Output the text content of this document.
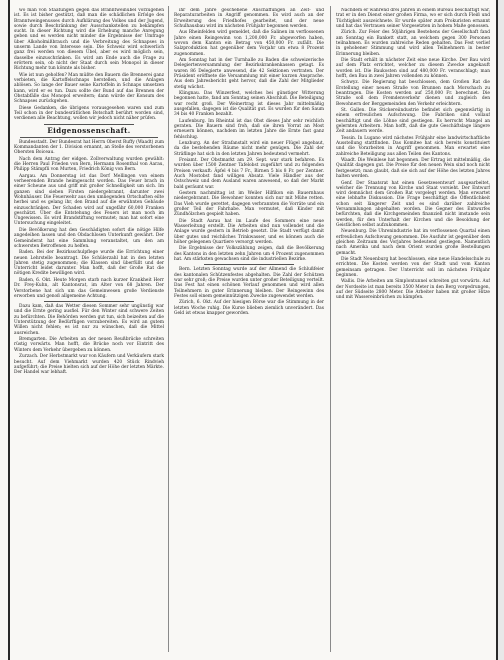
wo man von Staatungen gegen das Branntweinübel vorzugehen ist. Es ist bisher gestützt, daß man die schädlichen Erfolge des Branntweingenusses durch Aufklärung des Volkes und der Jugend, sowie durch Beschränkung der Ausschankstellen zu bekämpfen sucht. In dieser Richtung wird die Erhebung manche Anregung geben und es werden nicht minder die Ergebnisse der Umfrage über Alkoholmißbrauch und die Verbreitung des Schnapses in unserm Lande von Interesse sein. Die Schweiz wird schwerlich ganz frei werden von diesem Übel, aber es wird möglich sein, dasselbe einzuschränken. Es wird am Ende auch die Frage zu erörtern sein, ob nicht der Staat durch sein Monopol in dieser Richtung mehr tun könnte als bisher.

Wie ist nun geholfen? Man müßte den Bauern die Brennerei ganz verbieten, die Kartoffelschnaps herstellen, und die Anlagen ablösen. So lange der Bauer seine Kartoffeln in Schnaps umsetzen kann, wird er es tun. Dazu sollte der Bund auf das Brennen der Obstabfälle das Monopol erweitern; dann würde der Konsum des Schnapses zurückgehen.

Diese Gedanken, die übrigens vorausgesehen waren und zum Teil schon in der bundesrätlichen Botschaft berührt worden sind, verdienen alle Beachtung, wollen wir jedoch nicht näher prüfen.

Eidgenossenschaft.

Bundesstadt. Der Bundesrat hat Herrn Oberst Ruffy (Waadt) zum Kommandanten der 1. Division ernannt, an Stelle des verstorbenen Obersten Boiceau.

Nach dem Antrag der eidgen. Zollverwaltung wurden gewählt: die Herren Paul Frieden von Bern, Hermann Rosenthal von Aarau, Philipp Stämpfli von Murten, Friedrich König von Bern.

Aargau. Am Donnerstag ist das Dorf Mellingen von einem verheerenden Brande heimgesucht worden. Das Feuer brach in einer Scheune aus und griff mit großer Schnelligkeit um sich. Im ganzen sind sieben Firsten niedergebrannt, darunter zwei Wohnhäuser. Die Feuerwehr aus den umliegenden Ortschaften eilte herbei und es gelang ihr, den Brand auf die erwähnten Gebäude einzuschränken. Der Schaden wird auf ungefähr 60,000 Franken geschätzt. Über die Entstehung des Feuers ist man noch im Ungewissen. Es wird Brandstiftung vermutet; man hat sofort eine Untersuchung eingeleitet.

Die Bevölkerung hat den Geschädigten sofort die nötige Hilfe angedeihen lassen und den Obdachlosen Unterkunft gewährt. Der Gemeinderat hat eine Sammlung veranstaltet, um den am schwersten Betroffenen zu helfen.

Baden. Bei der Bezirksschulpflege wurde die Errichtung einer neuen Lehrstelle beantragt. Die Schülerzahl hat in den letzten Jahren stetig zugenommen; die Klassen sind überfüllt und der Unterricht leidet darunter. Man hofft, daß der Große Rat die nötigen Kredite bewilligen wird.

Baden, 6. Okt. Heute Morgen starb nach kurzer Krankheit Herr Dr. Frey-Kuhn, alt Kantonsrat, im Alter von 68 Jahren. Der Verstorbene hat sich um das Gemeinwesen große Verdienste erworben und genoß allgemeine Achtung.

Dazu kam, daß das Wetter diesen Sommer sehr ungünstig war und die Ernte gering ausfiel. Für den Winter sind schwere Zeiten zu befürchten. Die Behörden werden gut tun, sich beizeiten auf die Unterstützung der Bedürftigen vorzubereiten. Es wird an gutem Willen nicht fehlen; es ist nur zu wünschen, daß die Mittel ausreichen.

Bremgarten. Die Arbeiten an der neuen Reußbrücke schreiten rüstig vorwärts. Man hofft, die Brücke noch vor Eintritt des Winters dem Verkehr übergeben zu können.

Zurzach. Der Herbstmarkt war von Käufern und Verkäufern stark besucht. Auf dem Viehmarkt wurden 420 Stück Rindvieh aufgeführt; die Preise hielten sich auf der Höhe der letzten Märkte. Der Handel war lebhaft.

ihr dem Jahre geschehene Anschaffungen an Zeit- und Reparaturarbeiten in Angriff genommen. Es wird auch an der Erweiterung des Friedhofes gearbeitet, und der neue Schulhausbau wird im nächsten Frühjahr begonnen werden.

Aus Rheinfelden wird gemeldet, daß die Salinen im verflossenen Jahre einen Reingewinn von 1,200,000 Fr. abgeworfen haben, wovon dem Kanton ein Betrag von 450,000 Fr. zufällt. Die Salzproduktion hat gegenüber dem Vorjahr um etwa 8 Prozent zugenommen.

Am Sonntag hat in der Turnhalle zu Baden die schweizerische Delegiertenversammlung der Bezirkskrankenkassen getagt. Es waren 86 Delegierte anwesend, die 42 Sektionen vertraten. Der Präsident eröffnete die Versammlung mit einer kurzen Ansprache. Aus dem Jahresbericht geht hervor, daß die Zahl der Mitglieder stetig wächst.

Klingnau. Das Winzerfest, welches bei günstiger Witterung begonnen hatte, fand am Sonntag seinen Abschluß. Die Beteiligung war recht groß. Der Weinertrag ist dieses Jahr mittelmäßig ausgefallen, dagegen ist die Qualität gut. Es wurden für den Saum 34 bis 40 Franken bezahlt.

Laufenburg. Im Rheintal ist das Obst dieses Jahr sehr reichlich geraten. Die Bauern sind froh, daß sie ihren Vorrat an Most erneuern können, nachdem im letzten Jahre die Ernte fast ganz fehlschlug.

Lenzburg. An der Strafanstalt wird ein neuer Flügel angebaut, da die bestehenden Räume nicht mehr genügen. Die Zahl der Sträflinge hat sich in den letzten Jahren bedeutend vermehrt.

Freiamt. Der Obstmarkt am 29. Sept. war stark befahren. Es wurden über 1500 Zentner Tafelobst zugeführt und zu folgenden Preisen verkauft: Äpfel 4 bis 7 Fr., Birnen 5 bis 8 Fr. per Zentner. Auch Mostobst fand willigen Absatz. Viele Händler aus der Ostschweiz und dem Ausland waren anwesend, so daß der Markt bald geräumt war.

Gestern nachmittag ist im Weiler Hilfikon ein Bauernhaus niedergebrannt. Die Bewohner konnten sich nur mit Mühe retten. Das Vieh wurde gerettet, dagegen verbrannten die Vorräte und ein großer Teil der Fahrhabe. Man vermutet, daß Kinder mit Zündhölzchen gespielt haben.

Die Stadt Aarau hat im Laufe des Sommers eine neue Wasserleitung erstellt. Die Arbeiten sind nun vollendet und die Anlage wurde gestern in Betrieb gesetzt. Die Stadt verfügt damit über gutes und reichliches Trinkwasser, und es können auch die höher gelegenen Quartiere versorgt werden.

Die Ergebnisse der Volkszählung zeigen, daß die Bevölkerung des Kantons in den letzten zehn Jahren um 4 Prozent zugenommen hat. Am stärksten gewachsen sind die industriellen Bezirke.

Bern. Letzten Sonntag wurde auf der Allmend die Schlußfeier des kantonalen Schützenfestes abgehalten. Die Zahl der Schützen war sehr groß; die Preise wurden unter großer Beteiligung verteilt. Das Fest hat einen schönen Verlauf genommen und wird allen Teilnehmern in guter Erinnerung bleiben. Der Reingewinn des Festes soll einem gemeinnützigen Zwecke zugewendet werden.

Zürich, 6. Okt. Auf der hiesigen Börse war die Stimmung in der letzten Woche ruhig. Die Kurse blieben ziemlich unverändert. Das Geld ist etwas knapper geworden.

Nachdem er während drei Jahren in einem Bureau beschäftigt war, trat er in den Dienst einer großen Firma, wo er sich durch Fleiß und Tüchtigkeit auszeichnete. Er wurde später zum Prokuristen ernannt und hat das Vertrauen seiner Vorgesetzten in hohem Maße genossen.

Zürich. Zur Feier des 50jährigen Bestehens der Gesellschaft fand am Sonntag ein Bankett statt, an welchem gegen 300 Personen teilnahmen. Es wurden zahlreiche Reden gehalten. Das Fest verlief in gehobener Stimmung und wird allen Teilnehmern in bester Erinnerung bleiben.

Die Stadt erhält in nächster Zeit eine neue Kirche. Der Bau wird auf dem Platz errichtet, welcher zu diesem Zwecke angekauft worden ist. Die Baukosten sind auf 480,000 Fr. veranschlagt; man hofft, den Bau in zwei Jahren vollenden zu können.

Schwyz. Die Regierung hat beschlossen, dem Großen Rat die Erstellung einer neuen Straße von Brunnen nach Morschach zu beantragen. Die Kosten werden auf 250,000 Fr. berechnet. Die Straße soll dem Fremdenverkehr dienen und zugleich den Bewohnern der Berggemeinden den Verkehr erleichtern.

St. Gallen. Die Stickereiindustrie befindet sich gegenwärtig in einem erfreulichen Aufschwung. Die Fabriken sind vollauf beschäftigt und die Löhne sind gestiegen. Es herrscht Mangel an gelernten Arbeitern. Man hofft, daß die gute Geschäftslage längere Zeit andauern werde.

Tessin. In Lugano wird nächstes Frühjahr eine landwirtschaftliche Ausstellung stattfinden. Das Komitee hat sich bereits konstituiert und die Vorarbeiten in Angriff genommen. Man erwartet eine zahlreiche Beteiligung aus allen Teilen des Kantons.

Waadt. Die Weinlese hat begonnen. Der Ertrag ist mittelmäßig, die Qualität dagegen gut. Die Preise für den neuen Wein sind noch nicht festgesetzt; man glaubt, daß sie sich auf der Höhe des letzten Jahres halten werden.

Genf. Der Staatsrat hat einen Gesetzesentwurf ausgearbeitet, welcher die Trennung von Kirche und Staat vorsieht. Der Entwurf wird demnächst dem Großen Rat vorgelegt werden. Man erwartet eine lebhafte Diskussion. Die Frage beschäftigt die Öffentlichkeit schon seit längerer Zeit und es sind darüber zahlreiche Versammlungen abgehalten worden. Die Gegner des Entwurfes befürchten, daß die Kirchgemeinden finanziell nicht imstande sein werden, für den Unterhalt der Kirchen und die Besoldung der Geistlichen selbst aufzukommen.

Neuenburg. Die Uhrenindustrie hat im verflossenen Quartal einen erfreulichen Aufschwung genommen. Die Ausfuhr ist gegenüber dem gleichen Zeitraum des Vorjahres bedeutend gestiegen. Namentlich nach Amerika und nach dem Orient wurden große Bestellungen gemacht.

Die Stadt Neuenburg hat beschlossen, eine neue Handelsschule zu errichten. Die Kosten werden von der Stadt und vom Kanton gemeinsam getragen. Der Unterricht soll im nächsten Frühjahr beginnen.

Wallis. Die Arbeiten am Simplontunnel schreiten gut vorwärts. Auf der Nordseite ist man bereits 3500 Meter in den Berg vorgedrungen, auf der Südseite 2800 Meter. Die Arbeiter haben mit großer Hitze und mit Wassereinbrüchen zu kämpfen.
